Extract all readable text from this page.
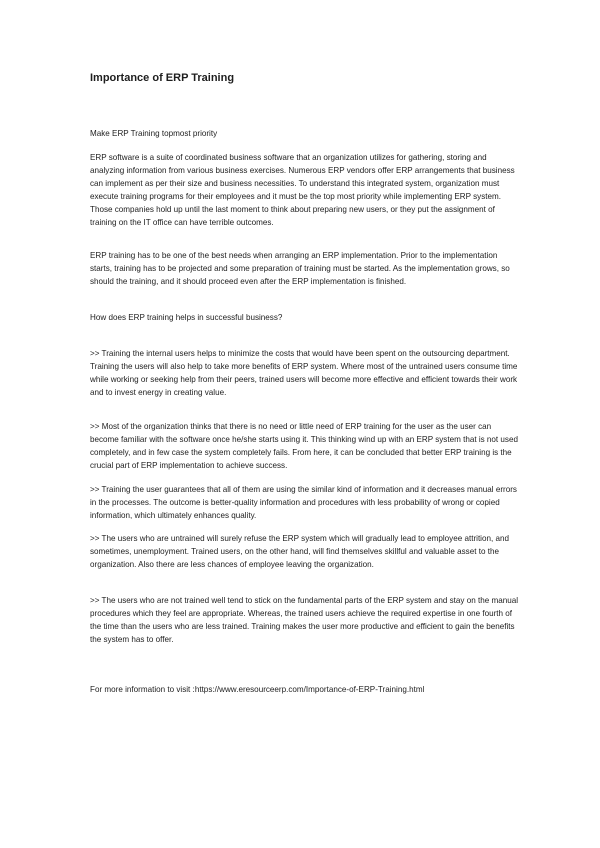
Importance of ERP Training

Make ERP Training topmost priority

ERP software is a suite of coordinated business software that an organization utilizes for gathering, storing and analyzing information from various business exercises. Numerous ERP vendors offer ERP arrangements that business can implement as per their size and business necessities. To understand this integrated system, organization must execute training programs for their employees and it must be the top most priority while implementing ERP system. Those companies hold up until the last moment to think about preparing new users, or they put the assignment of training on the IT office can have terrible outcomes.

ERP training has to be one of the best needs when arranging an ERP implementation. Prior to the implementation starts, training has to be projected and some preparation of training must be started. As the implementation grows, so should the training, and it should proceed even after the ERP implementation is finished.

How does ERP training helps in successful business?

>> Training the internal users helps to minimize the costs that would have been spent on the outsourcing department. Training the users will also help to take more benefits of ERP system. Where most of the untrained users consume time while working or seeking help from their peers, trained users will become more effective and efficient towards their work and to invest energy in creating value.

>> Most of the organization thinks that there is no need or little need of ERP training for the user as the user can become familiar with the software once he/she starts using it. This thinking wind up with an ERP system that is not used completely, and in few case the system completely fails. From here, it can be concluded that better ERP training is the crucial part of ERP implementation to achieve success.

>> Training the user guarantees that all of them are using the similar kind of information and it decreases manual errors in the processes. The outcome is better-quality information and procedures with less probability of wrong or copied information, which ultimately enhances quality.

>> The users who are untrained will surely refuse the ERP system which will gradually lead to employee attrition, and sometimes, unemployment. Trained users, on the other hand, will find themselves skillful and valuable asset to the organization. Also there are less chances of employee leaving the organization.

>> The users who are not trained well tend to stick on the fundamental parts of the ERP system and stay on the manual procedures which they feel are appropriate. Whereas, the trained users achieve the required expertise in one fourth of the time than the users who are less trained. Training makes the user more productive and efficient to gain the benefits the system has to offer.

For more information to visit :https://www.eresourceerp.com/Importance-of-ERP-Training.html
